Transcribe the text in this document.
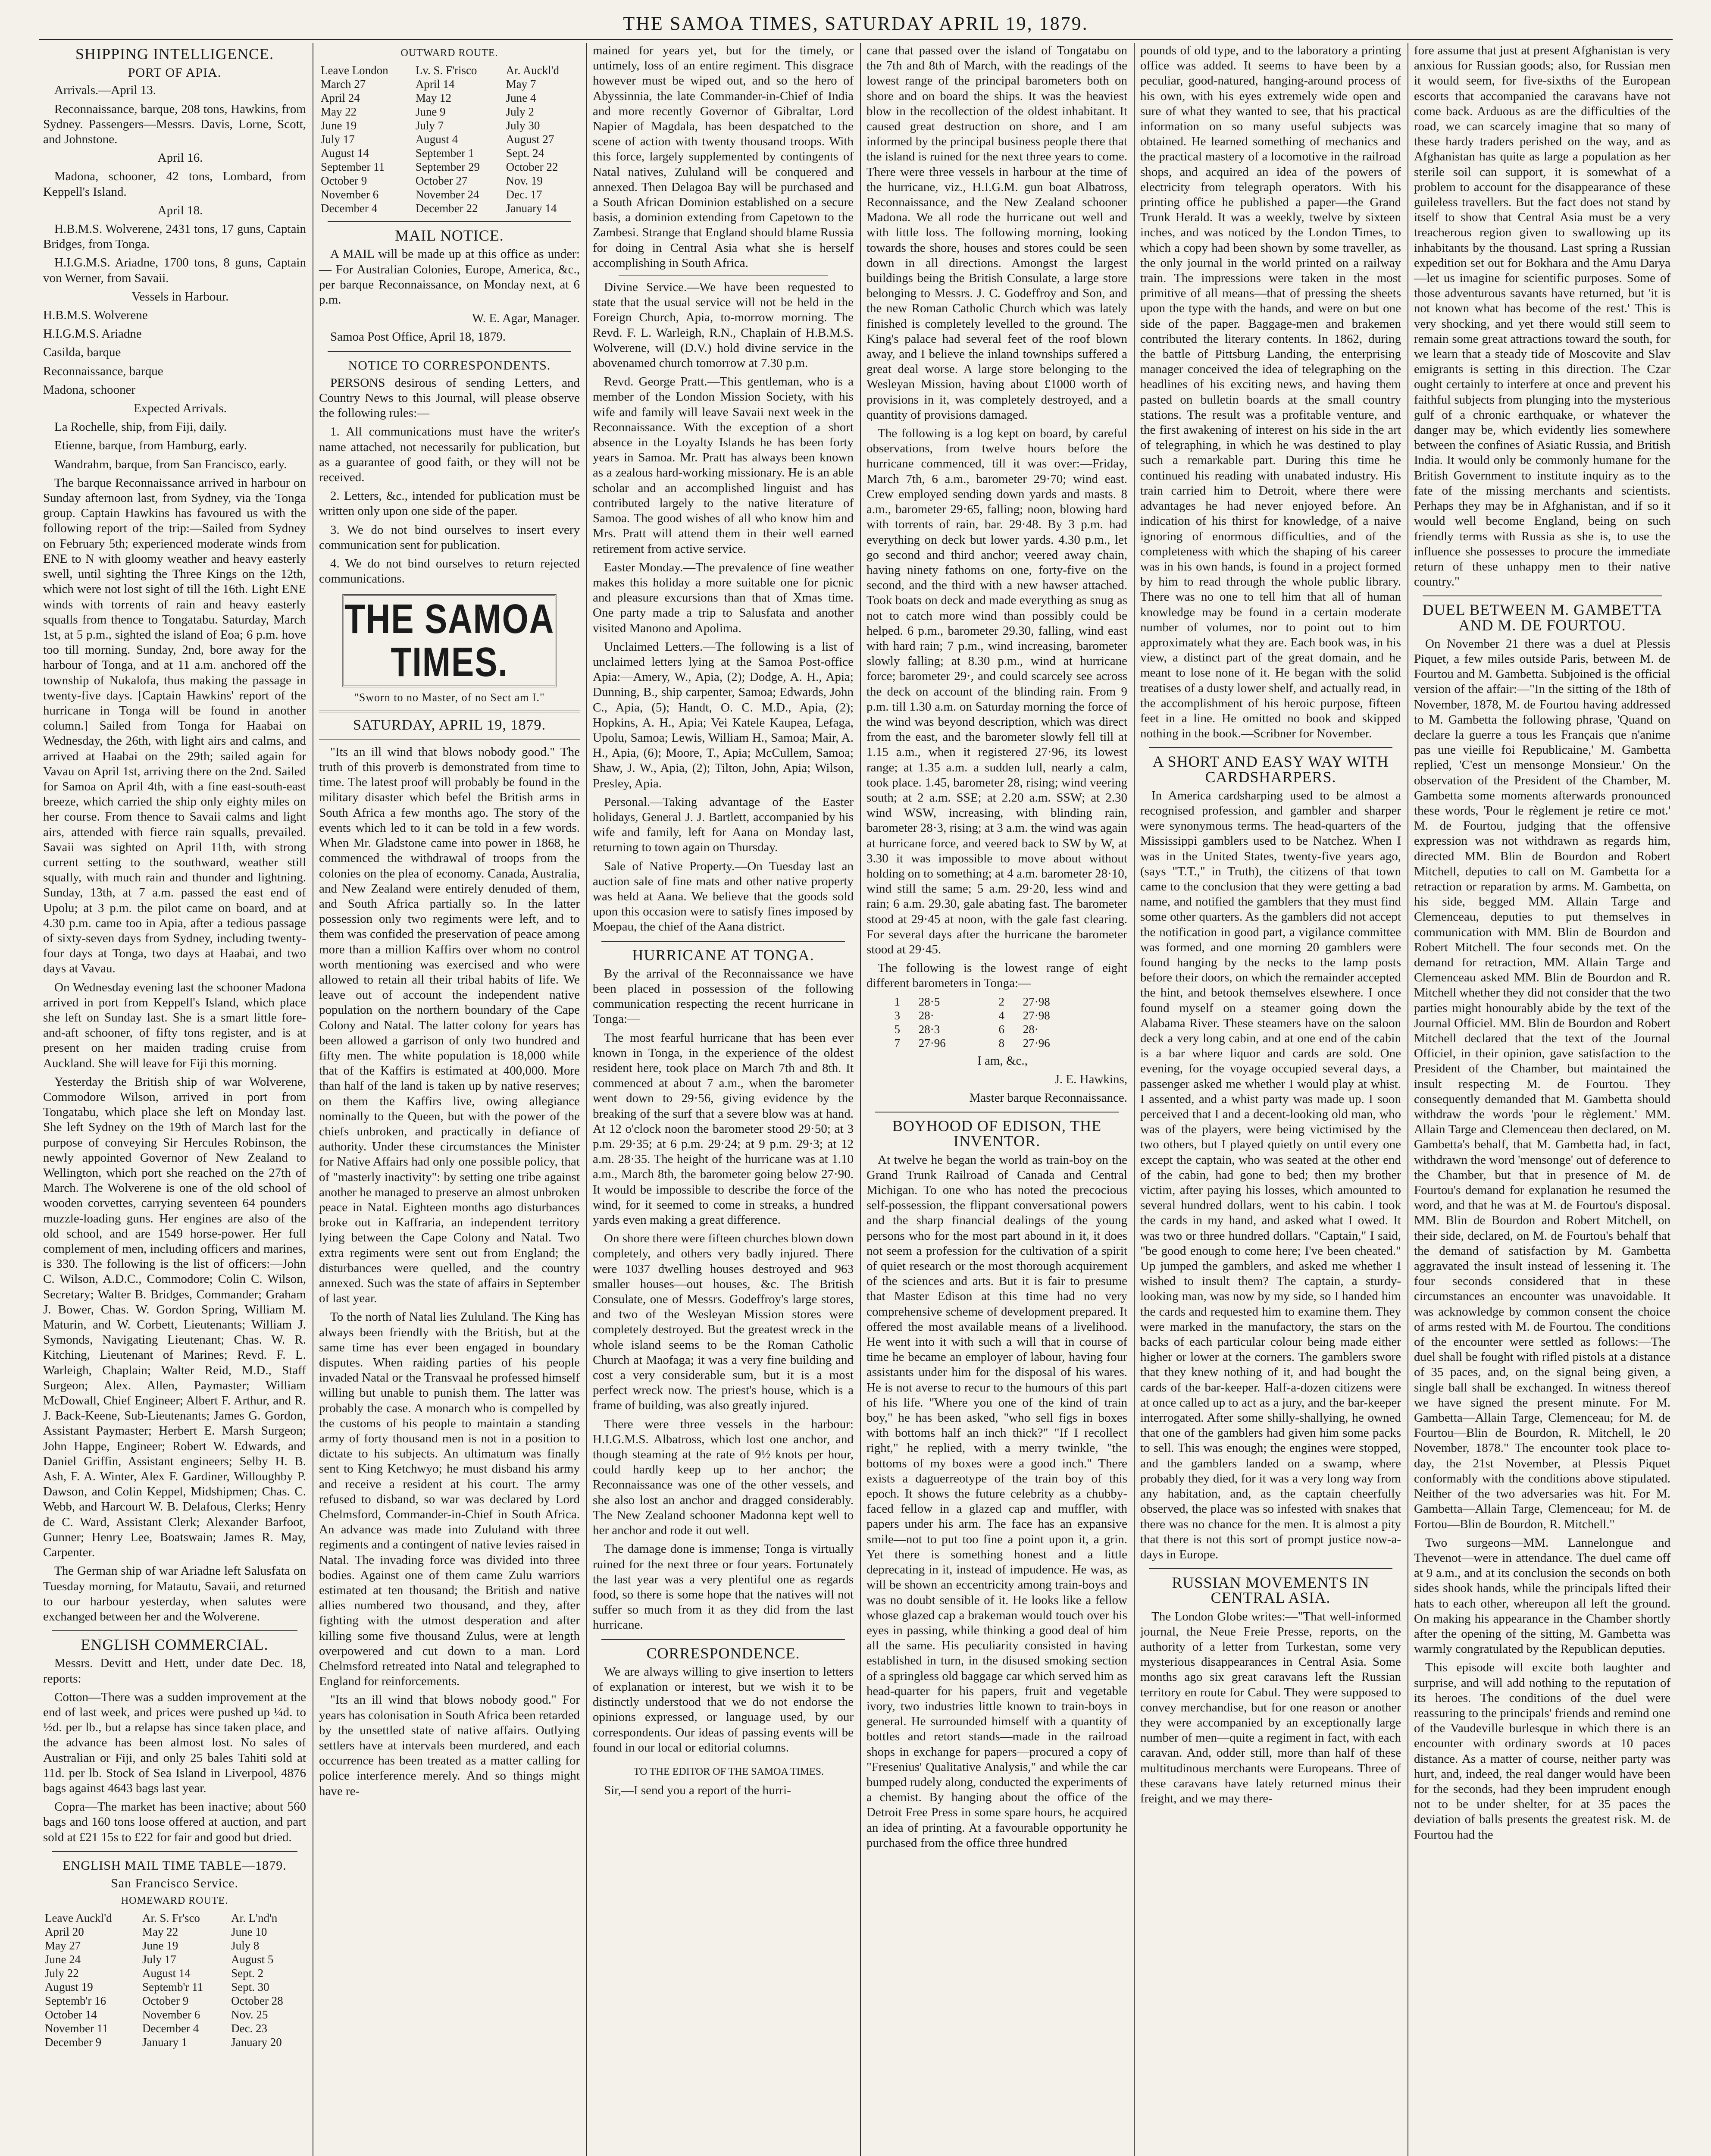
THE SAMOA TIMES, SATURDAY APRIL 19, 1879.
SHIPPING INTELLIGENCE.
PORT OF APIA.

Arrivals.—April 13.

Reconnaissance, barque, 208 tons, Hawkins, from Sydney. Passengers—Messrs. Davis, Lorne, Scott, and Johnstone.

April 16.

Madona, schooner, 42 tons, Lombard, from Keppell's Island.

April 18.

H.B.M.S. Wolverene, 2431 tons, 17 guns, Captain Bridges, from Tonga.

H.I.G.M.S. Ariadne, 1700 tons, 8 guns, Captain von Werner, from Savaii.

Vessels in Harbour.

H.B.M.S. Wolverene

H.I.G.M.S. Ariadne

Casilda, barque

Reconnaissance, barque

Madona, schooner

Expected Arrivals.

La Rochelle, ship, from Fiji, daily.

Etienne, barque, from Hamburg, early.

Wandrahm, barque, from San Francisco, early.

The barque Reconnaissance arrived in harbour on Sunday afternoon last, from Sydney, via the Tonga group. Captain Hawkins has favoured us with the following report of the trip:—Sailed from Sydney on February 5th; experienced moderate winds from ENE to N with gloomy weather and heavy easterly swell, until sighting the Three Kings on the 12th, which were not lost sight of till the 16th. Light ENE winds with torrents of rain and heavy easterly squalls from thence to Tongatabu. Saturday, March 1st, at 5 p.m., sighted the island of Eoa; 6 p.m. hove too till morning. Sunday, 2nd, bore away for the harbour of Tonga, and at 11 a.m. anchored off the township of Nukalofa, thus making the passage in twenty-five days. [Captain Hawkins' report of the hurricane in Tonga will be found in another column.] Sailed from Tonga for Haabai on Wednesday, the 26th, with light airs and calms, and arrived at Haabai on the 29th; sailed again for Vavau on April 1st, arriving there on the 2nd. Sailed for Samoa on April 4th, with a fine east-south-east breeze, which carried the ship only eighty miles on her course. From thence to Savaii calms and light airs, attended with fierce rain squalls, prevailed. Savaii was sighted on April 11th, with strong current setting to the southward, weather still squally, with much rain and thunder and lightning. Sunday, 13th, at 7 a.m. passed the east end of Upolu; at 3 p.m. the pilot came on board, and at 4.30 p.m. came too in Apia, after a tedious passage of sixty-seven days from Sydney, including twenty-four days at Tonga, two days at Haabai, and two days at Vavau.

On Wednesday evening last the schooner Madona arrived in port from Keppell's Island, which place she left on Sunday last. She is a smart little fore-and-aft schooner, of fifty tons register, and is at present on her maiden trading cruise from Auckland. She will leave for Fiji this morning.

Yesterday the British ship of war Wolverene, Commodore Wilson, arrived in port from Tongatabu, which place she left on Monday last. She left Sydney on the 19th of March last for the purpose of conveying Sir Hercules Robinson, the newly appointed Governor of New Zealand to Wellington, which port she reached on the 27th of March. The Wolverene is one of the old school of wooden corvettes, carrying seventeen 64 pounders muzzle-loading guns. Her engines are also of the old school, and are 1549 horse-power. Her full complement of men, including officers and marines, is 330. The following is the list of officers:—John C. Wilson, A.D.C., Commodore; Colin C. Wilson, Secretary; Walter B. Bridges, Commander; Graham J. Bower, Chas. W. Gordon Spring, William M. Maturin, and W. Corbett, Lieutenants; William J. Symonds, Navigating Lieutenant; Chas. W. R. Kitching, Lieutenant of Marines; Revd. F. L. Warleigh, Chaplain; Walter Reid, M.D., Staff Surgeon; Alex. Allen, Paymaster; William McDowall, Chief Engineer; Albert F. Arthur, and R. J. Back-Keene, Sub-Lieutenants; James G. Gordon, Assistant Paymaster; Herbert E. Marsh Surgeon; John Happe, Engineer; Robert W. Edwards, and Daniel Griffin, Assistant engineers; Selby H. B. Ash, F. A. Winter, Alex F. Gardiner, Willoughby P. Dawson, and Colin Keppel, Midshipmen; Chas. C. Webb, and Harcourt W. B. Delafous, Clerks; Henry de C. Ward, Assistant Clerk; Alexander Barfoot, Gunner; Henry Lee, Boatswain; James R. May, Carpenter.

The German ship of war Ariadne left Salusfata on Tuesday morning, for Matautu, Savaii, and returned to our harbour yesterday, when salutes were exchanged between her and the Wolverene.

ENGLISH COMMERCIAL.

Messrs. Devitt and Hett, under date Dec. 18, reports:

Cotton—There was a sudden improvement at the end of last week, and prices were pushed up ¼d. to ½d. per lb., but a relapse has since taken place, and the advance has been almost lost. No sales of Australian or Fiji, and only 25 bales Tahiti sold at 11d. per lb. Stock of Sea Island in Liverpool, 4876 bags against 4643 bags last year.

Copra—The market has been inactive; about 560 bags and 160 tons loose offered at auction, and part sold at £21 15s to £22 for fair and good but dried.

ENGLISH MAIL TIME TABLE—1879.
San Francisco Service.
HOMEWARD ROUTE.
Leave Auckl'd	Ar. S. Fr'sco	Ar. L'nd'n
April 20	May 22	June 10
May 27	June 19	July 8
June 24	July 17	August 5
July 22	August 14	Sept. 2
August 19	Septemb'r 11	Sept. 30
Septemb'r 16	October 9	October 28
October 14	November 6	Nov. 25
November 11	December 4	Dec. 23
December 9	January 1	January 20
OUTWARD ROUTE.
Leave London	Lv. S. F'risco	Ar. Auckl'd
March 27	April 14	May 7
April 24	May 12	June 4
May 22	June 9	July 2
June 19	July 7	July 30
July 17	August 4	August 27
August 14	September 1	Sept. 24
September 11	September 29	October 22
October 9	October 27	Nov. 19
November 6	November 24	Dec. 17
December 4	December 22	January 14
MAIL NOTICE.

A MAIL will be made up at this office as under:— For Australian Colonies, Europe, America, &c., per barque Reconnaissance, on Monday next, at 6 p.m.

W. E. Agar, Manager.

Samoa Post Office, April 18, 1879.

NOTICE TO CORRESPONDENTS.

PERSONS desirous of sending Letters, and Country News to this Journal, will please observe the following rules:—

1. All communications must have the writer's name attached, not necessarily for publication, but as a guarantee of good faith, or they will not be received.

2. Letters, &c., intended for publication must be written only upon one side of the paper.

3. We do not bind ourselves to insert every communication sent for publication.

4. We do not bind ourselves to return rejected communications.

THE SAMOA TIMES.
"Sworn to no Master, of no Sect am I."
SATURDAY, APRIL 19, 1879.

"Its an ill wind that blows nobody good." The truth of this proverb is demonstrated from time to time. The latest proof will probably be found in the military disaster which befel the British arms in South Africa a few months ago. The story of the events which led to it can be told in a few words. When Mr. Gladstone came into power in 1868, he commenced the withdrawal of troops from the colonies on the plea of economy. Canada, Australia, and New Zealand were entirely denuded of them, and South Africa partially so. In the latter possession only two regiments were left, and to them was confided the preservation of peace among more than a million Kaffirs over whom no control worth mentioning was exercised and who were allowed to retain all their tribal habits of life. We leave out of account the independent native population on the northern boundary of the Cape Colony and Natal. The latter colony for years has been allowed a garrison of only two hundred and fifty men. The white population is 18,000 while that of the Kaffirs is estimated at 400,000. More than half of the land is taken up by native reserves; on them the Kaffirs live, owing allegiance nominally to the Queen, but with the power of the chiefs unbroken, and practically in defiance of authority. Under these circumstances the Minister for Native Affairs had only one possible policy, that of "masterly inactivity": by setting one tribe against another he managed to preserve an almost unbroken peace in Natal. Eighteen months ago disturbances broke out in Kaffraria, an independent territory lying between the Cape Colony and Natal. Two extra regiments were sent out from England; the disturbances were quelled, and the country annexed. Such was the state of affairs in September of last year.

To the north of Natal lies Zululand. The King has always been friendly with the British, but at the same time has ever been engaged in boundary disputes. When raiding parties of his people invaded Natal or the Transvaal he professed himself willing but unable to punish them. The latter was probably the case. A monarch who is compelled by the customs of his people to maintain a standing army of forty thousand men is not in a position to dictate to his subjects. An ultimatum was finally sent to King Ketchwyo; he must disband his army and receive a resident at his court. The army refused to disband, so war was declared by Lord Chelmsford, Commander-in-Chief in South Africa. An advance was made into Zululand with three regiments and a contingent of native levies raised in Natal. The invading force was divided into three bodies. Against one of them came Zulu warriors estimated at ten thousand; the British and native allies numbered two thousand, and they, after fighting with the utmost desperation and after killing some five thousand Zulus, were at length overpowered and cut down to a man. Lord Chelmsford retreated into Natal and telegraphed to England for reinforcements.

"Its an ill wind that blows nobody good." For years has colonisation in South Africa been retarded by the unsettled state of native affairs. Outlying settlers have at intervals been murdered, and each occurrence has been treated as a matter calling for police interference merely. And so things might have re-

mained for years yet, but for the timely, or untimely, loss of an entire regiment. This disgrace however must be wiped out, and so the hero of Abyssinnia, the late Commander-in-Chief of India and more recently Governor of Gibraltar, Lord Napier of Magdala, has been despatched to the scene of action with twenty thousand troops. With this force, largely supplemented by contingents of Natal natives, Zululand will be conquered and annexed. Then Delagoa Bay will be purchased and a South African Dominion established on a secure basis, a dominion extending from Capetown to the Zambesi. Strange that England should blame Russia for doing in Central Asia what she is herself accomplishing in South Africa.

Divine Service.—We have been requested to state that the usual service will not be held in the Foreign Church, Apia, to-morrow morning. The Revd. F. L. Warleigh, R.N., Chaplain of H.B.M.S. Wolverene, will (D.V.) hold divine service in the abovenamed church tomorrow at 7.30 p.m.

Revd. George Pratt.—This gentleman, who is a member of the London Mission Society, with his wife and family will leave Savaii next week in the Reconnaissance. With the exception of a short absence in the Loyalty Islands he has been forty years in Samoa. Mr. Pratt has always been known as a zealous hard-working missionary. He is an able scholar and an accomplished linguist and has contributed largely to the native literature of Samoa. The good wishes of all who know him and Mrs. Pratt will attend them in their well earned retirement from active service.

Easter Monday.—The prevalence of fine weather makes this holiday a more suitable one for picnic and pleasure excursions than that of Xmas time. One party made a trip to Salusfata and another visited Manono and Apolima.

Unclaimed Letters.—The following is a list of unclaimed letters lying at the Samoa Post-office Apia:—Amery, W., Apia, (2); Dodge, A. H., Apia; Dunning, B., ship carpenter, Samoa; Edwards, John C., Apia, (5); Handt, O. C. M.D., Apia, (2); Hopkins, A. H., Apia; Vei Katele Kaupea, Lefaga, Upolu, Samoa; Lewis, William H., Samoa; Mair, A. H., Apia, (6); Moore, T., Apia; McCullem, Samoa; Shaw, J. W., Apia, (2); Tilton, John, Apia; Wilson, Presley, Apia.

Personal.—Taking advantage of the Easter holidays, General J. J. Bartlett, accompanied by his wife and family, left for Aana on Monday last, returning to town again on Thursday.

Sale of Native Property.—On Tuesday last an auction sale of fine mats and other native property was held at Aana. We believe that the goods sold upon this occasion were to satisfy fines imposed by Moepau, the chief of the Aana district.

HURRICANE AT TONGA.

By the arrival of the Reconnaissance we have been placed in possession of the following communication respecting the recent hurricane in Tonga:—

The most fearful hurricane that has been ever known in Tonga, in the experience of the oldest resident here, took place on March 7th and 8th. It commenced at about 7 a.m., when the barometer went down to 29·56, giving evidence by the breaking of the surf that a severe blow was at hand. At 12 o'clock noon the barometer stood 29·50; at 3 p.m. 29·35; at 6 p.m. 29·24; at 9 p.m. 29·3; at 12 a.m. 28·35. The height of the hurricane was at 1.10 a.m., March 8th, the barometer going below 27·90. It would be impossible to describe the force of the wind, for it seemed to come in streaks, a hundred yards even making a great difference.

On shore there were fifteen churches blown down completely, and others very badly injured. There were 1037 dwelling houses destroyed and 963 smaller houses—out houses, &c. The British Consulate, one of Messrs. Godeffroy's large stores, and two of the Wesleyan Mission stores were completely destroyed. But the greatest wreck in the whole island seems to be the Roman Catholic Church at Maofaga; it was a very fine building and cost a very considerable sum, but it is a most perfect wreck now. The priest's house, which is a frame of building, was also greatly injured.

There were three vessels in the harbour: H.I.G.M.S. Albatross, which lost one anchor, and though steaming at the rate of 9½ knots per hour, could hardly keep up to her anchor; the Reconnaissance was one of the other vessels, and she also lost an anchor and dragged considerably. The New Zealand schooner Madonna kept well to her anchor and rode it out well.

The damage done is immense; Tonga is virtually ruined for the next three or four years. Fortunately the last year was a very plentiful one as regards food, so there is some hope that the natives will not suffer so much from it as they did from the last hurricane.

CORRESPONDENCE.

We are always willing to give insertion to letters of explanation or interest, but we wish it to be distinctly understood that we do not endorse the opinions expressed, or language used, by our correspondents. Our ideas of passing events will be found in our local or editorial columns.

TO THE EDITOR OF THE SAMOA TIMES.

Sir,—I send you a report of the hurri-

cane that passed over the island of Tongatabu on the 7th and 8th of March, with the readings of the lowest range of the principal barometers both on shore and on board the ships. It was the heaviest blow in the recollection of the oldest inhabitant. It caused great destruction on shore, and I am informed by the principal business people there that the island is ruined for the next three years to come. There were three vessels in harbour at the time of the hurricane, viz., H.I.G.M. gun boat Albatross, Reconnaissance, and the New Zealand schooner Madona. We all rode the hurricane out well and with little loss. The following morning, looking towards the shore, houses and stores could be seen down in all directions. Amongst the largest buildings being the British Consulate, a large store belonging to Messrs. J. C. Godeffroy and Son, and the new Roman Catholic Church which was lately finished is completely levelled to the ground. The King's palace had several feet of the roof blown away, and I believe the inland townships suffered a great deal worse. A large store belonging to the Wesleyan Mission, having about £1000 worth of provisions in it, was completely destroyed, and a quantity of provisions damaged.

The following is a log kept on board, by careful observations, from twelve hours before the hurricane commenced, till it was over:—Friday, March 7th, 6 a.m., barometer 29·70; wind east. Crew employed sending down yards and masts. 8 a.m., barometer 29·65, falling; noon, blowing hard with torrents of rain, bar. 29·48. By 3 p.m. had everything on deck but lower yards. 4.30 p.m., let go second and third anchor; veered away chain, having ninety fathoms on one, forty-five on the second, and the third with a new hawser attached. Took boats on deck and made everything as snug as not to catch more wind than possibly could be helped. 6 p.m., barometer 29.30, falling, wind east with hard rain; 7 p.m., wind increasing, barometer slowly falling; at 8.30 p.m., wind at hurricane force; barometer 29·, and could scarcely see across the deck on account of the blinding rain. From 9 p.m. till 1.30 a.m. on Saturday morning the force of the wind was beyond description, which was direct from the east, and the barometer slowly fell till at 1.15 a.m., when it registered 27·96, its lowest range; at 1.35 a.m. a sudden lull, nearly a calm, took place. 1.45, barometer 28, rising; wind veering south; at 2 a.m. SSE; at 2.20 a.m. SSW; at 2.30 wind WSW, increasing, with blinding rain, barometer 28·3, rising; at 3 a.m. the wind was again at hurricane force, and veered back to SW by W, at 3.30 it was impossible to move about without holding on to something; at 4 a.m. barometer 28·10, wind still the same; 5 a.m. 29·20, less wind and rain; 6 a.m. 29.30, gale abating fast. The barometer stood at 29·45 at noon, with the gale fast clearing. For several days after the hurricane the barometer stood at 29·45.

The following is the lowest range of eight different barometers in Tonga:—

1	28·5	2	27·98
3	28·	4	27·98
5	28·3	6	28·
7	27·96	8	27·96

I am, &c.,

J. E. Hawkins,

Master barque Reconnaissance.

BOYHOOD OF EDISON, THE INVENTOR.

At twelve he began the world as train-boy on the Grand Trunk Railroad of Canada and Central Michigan. To one who has noted the precocious self-possession, the flippant conversational powers and the sharp financial dealings of the young persons who for the most part abound in it, it does not seem a profession for the cultivation of a spirit of quiet research or the most thorough acquirement of the sciences and arts. But it is fair to presume that Master Edison at this time had no very comprehensive scheme of development prepared. It offered the most available means of a livelihood. He went into it with such a will that in course of time he became an employer of labour, having four assistants under him for the disposal of his wares. He is not averse to recur to the humours of this part of his life. "Where you one of the kind of train boy," he has been asked, "who sell figs in boxes with bottoms half an inch thick?" "If I recollect right," he replied, with a merry twinkle, "the bottoms of my boxes were a good inch." There exists a daguerreotype of the train boy of this epoch. It shows the future celebrity as a chubby-faced fellow in a glazed cap and muffler, with papers under his arm. The face has an expansive smile—not to put too fine a point upon it, a grin. Yet there is something honest and a little deprecating in it, instead of impudence. He was, as will be shown an eccentricity among train-boys and was no doubt sensible of it. He looks like a fellow whose glazed cap a brakeman would touch over his eyes in passing, while thinking a good deal of him all the same. His peculiarity consisted in having established in turn, in the disused smoking section of a springless old baggage car which served him as head-quarter for his papers, fruit and vegetable ivory, two industries little known to train-boys in general. He surrounded himself with a quantity of bottles and retort stands—made in the railroad shops in exchange for papers—procured a copy of "Fresenius' Qualitative Analysis," and while the car bumped rudely along, conducted the experiments of a chemist. By hanging about the office of the Detroit Free Press in some spare hours, he acquired an idea of printing. At a favourable opportunity he purchased from the office three hundred

pounds of old type, and to the laboratory a printing office was added. It seems to have been by a peculiar, good-natured, hanging-around process of his own, with his eyes extremely wide open and sure of what they wanted to see, that his practical information on so many useful subjects was obtained. He learned something of mechanics and the practical mastery of a locomotive in the railroad shops, and acquired an idea of the powers of electricity from telegraph operators. With his printing office he published a paper—the Grand Trunk Herald. It was a weekly, twelve by sixteen inches, and was noticed by the London Times, to which a copy had been shown by some traveller, as the only journal in the world printed on a railway train. The impressions were taken in the most primitive of all means—that of pressing the sheets upon the type with the hands, and were on but one side of the paper. Baggage-men and brakemen contributed the literary contents. In 1862, during the battle of Pittsburg Landing, the enterprising manager conceived the idea of telegraphing on the headlines of his exciting news, and having them pasted on bulletin boards at the small country stations. The result was a profitable venture, and the first awakening of interest on his side in the art of telegraphing, in which he was destined to play such a remarkable part. During this time he continued his reading with unabated industry. His train carried him to Detroit, where there were advantages he had never enjoyed before. An indication of his thirst for knowledge, of a naive ignoring of enormous difficulties, and of the completeness with which the shaping of his career was in his own hands, is found in a project formed by him to read through the whole public library. There was no one to tell him that all of human knowledge may be found in a certain moderate number of volumes, nor to point out to him approximately what they are. Each book was, in his view, a distinct part of the great domain, and he meant to lose none of it. He began with the solid treatises of a dusty lower shelf, and actually read, in the accomplishment of his heroic purpose, fifteen feet in a line. He omitted no book and skipped nothing in the book.—Scribner for November.

A SHORT AND EASY WAY WITH CARDSHARPERS.

In America cardsharping used to be almost a recognised profession, and gambler and sharper were synonymous terms. The head-quarters of the Mississippi gamblers used to be Natchez. When I was in the United States, twenty-five years ago, (says "T.T.," in Truth), the citizens of that town came to the conclusion that they were getting a bad name, and notified the gamblers that they must find some other quarters. As the gamblers did not accept the notification in good part, a vigilance committee was formed, and one morning 20 gamblers were found hanging by the necks to the lamp posts before their doors, on which the remainder accepted the hint, and betook themselves elsewhere. I once found myself on a steamer going down the Alabama River. These steamers have on the saloon deck a very long cabin, and at one end of the cabin is a bar where liquor and cards are sold. One evening, for the voyage occupied several days, a passenger asked me whether I would play at whist. I assented, and a whist party was made up. I soon perceived that I and a decent-looking old man, who was of the players, were being victimised by the two others, but I played quietly on until every one except the captain, who was seated at the other end of the cabin, had gone to bed; then my brother victim, after paying his losses, which amounted to several hundred dollars, went to his cabin. I took the cards in my hand, and asked what I owed. It was two or three hundred dollars. "Captain," I said, "be good enough to come here; I've been cheated." Up jumped the gamblers, and asked me whether I wished to insult them? The captain, a sturdy-looking man, was now by my side, so I handed him the cards and requested him to examine them. They were marked in the manufactory, the stars on the backs of each particular colour being made either higher or lower at the corners. The gamblers swore that they knew nothing of it, and had bought the cards of the bar-keeper. Half-a-dozen citizens were at once called up to act as a jury, and the bar-keeper interrogated. After some shilly-shallying, he owned that one of the gamblers had given him some packs to sell. This was enough; the engines were stopped, and the gamblers landed on a swamp, where probably they died, for it was a very long way from any habitation, and, as the captain cheerfully observed, the place was so infested with snakes that there was no chance for the men. It is almost a pity that there is not this sort of prompt justice now-a-days in Europe.

RUSSIAN MOVEMENTS IN CENTRAL ASIA.

The London Globe writes:—"That well-informed journal, the Neue Freie Presse, reports, on the authority of a letter from Turkestan, some very mysterious disappearances in Central Asia. Some months ago six great caravans left the Russian territory en route for Cabul. They were supposed to convey merchandise, but for one reason or another they were accompanied by an exceptionally large number of men—quite a regiment in fact, with each caravan. And, odder still, more than half of these multitudinous merchants were Europeans. Three of these caravans have lately returned minus their freight, and we may there-

fore assume that just at present Afghanistan is very anxious for Russian goods; also, for Russian men it would seem, for five-sixths of the European escorts that accompanied the caravans have not come back. Arduous as are the difficulties of the road, we can scarcely imagine that so many of these hardy traders perished on the way, and as Afghanistan has quite as large a population as her sterile soil can support, it is somewhat of a problem to account for the disappearance of these guileless travellers. But the fact does not stand by itself to show that Central Asia must be a very treacherous region given to swallowing up its inhabitants by the thousand. Last spring a Russian expedition set out for Bokhara and the Amu Darya—let us imagine for scientific purposes. Some of those adventurous savants have returned, but 'it is not known what has become of the rest.' This is very shocking, and yet there would still seem to remain some great attractions toward the south, for we learn that a steady tide of Moscovite and Slav emigrants is setting in this direction. The Czar ought certainly to interfere at once and prevent his faithful subjects from plunging into the mysterious gulf of a chronic earthquake, or whatever the danger may be, which evidently lies somewhere between the confines of Asiatic Russia, and British India. It would only be commonly humane for the British Government to institute inquiry as to the fate of the missing merchants and scientists. Perhaps they may be in Afghanistan, and if so it would well become England, being on such friendly terms with Russia as she is, to use the influence she possesses to procure the immediate return of these unhappy men to their native country."

DUEL BETWEEN M. GAMBETTA AND M. DE FOURTOU.

On November 21 there was a duel at Plessis Piquet, a few miles outside Paris, between M. de Fourtou and M. Gambetta. Subjoined is the official version of the affair:—"In the sitting of the 18th of November, 1878, M. de Fourtou having addressed to M. Gambetta the following phrase, 'Quand on declare la guerre a tous les Français que n'anime pas une vieille foi Republicaine,' M. Gambetta replied, 'C'est un mensonge Monsieur.' On the observation of the President of the Chamber, M. Gambetta some moments afterwards pronounced these words, 'Pour le règlement je retire ce mot.' M. de Fourtou, judging that the offensive expression was not withdrawn as regards him, directed MM. Blin de Bourdon and Robert Mitchell, deputies to call on M. Gambetta for a retraction or reparation by arms. M. Gambetta, on his side, begged MM. Allain Targe and Clemenceau, deputies to put themselves in communication with MM. Blin de Bourdon and Robert Mitchell. The four seconds met. On the demand for retraction, MM. Allain Targe and Clemenceau asked MM. Blin de Bourdon and R. Mitchell whether they did not consider that the two parties might honourably abide by the text of the Journal Officiel. MM. Blin de Bourdon and Robert Mitchell declared that the text of the Journal Officiel, in their opinion, gave satisfaction to the President of the Chamber, but maintained the insult respecting M. de Fourtou. They consequently demanded that M. Gambetta should withdraw the words 'pour le règlement.' MM. Allain Targe and Clemenceau then declared, on M. Gambetta's behalf, that M. Gambetta had, in fact, withdrawn the word 'mensonge' out of deference to the Chamber, but that in presence of M. de Fourtou's demand for explanation he resumed the word, and that he was at M. de Fourtou's disposal. MM. Blin de Bourdon and Robert Mitchell, on their side, declared, on M. de Fourtou's behalf that the demand of satisfaction by M. Gambetta aggravated the insult instead of lessening it. The four seconds considered that in these circumstances an encounter was unavoidable. It was acknowledge by common consent the choice of arms rested with M. de Fourtou. The conditions of the encounter were settled as follows:—The duel shall be fought with rifled pistols at a distance of 35 paces, and, on the signal being given, a single ball shall be exchanged. In witness thereof we have signed the present minute. For M. Gambetta—Allain Targe, Clemenceau; for M. de Fourtou—Blin de Bourdon, R. Mitchell, le 20 November, 1878." The encounter took place to-day, the 21st November, at Plessis Piquet conformably with the conditions above stipulated. Neither of the two adversaries was hit. For M. Gambetta—Allain Targe, Clemenceau; for M. de Fortou—Blin de Bourdon, R. Mitchell."

Two surgeons—MM. Lannelongue and Thevenot—were in attendance. The duel came off at 9 a.m., and at its conclusion the seconds on both sides shook hands, while the principals lifted their hats to each other, whereupon all left the ground. On making his appearance in the Chamber shortly after the opening of the sitting, M. Gambetta was warmly congratulated by the Republican deputies.

This episode will excite both laughter and surprise, and will add nothing to the reputation of its heroes. The conditions of the duel were reassuring to the principals' friends and remind one of the Vaudeville burlesque in which there is an encounter with ordinary swords at 10 paces distance. As a matter of course, neither party was hurt, and, indeed, the real danger would have been for the seconds, had they been imprudent enough not to be under shelter, for at 35 paces the deviation of balls presents the greatest risk. M. de Fourtou had the
